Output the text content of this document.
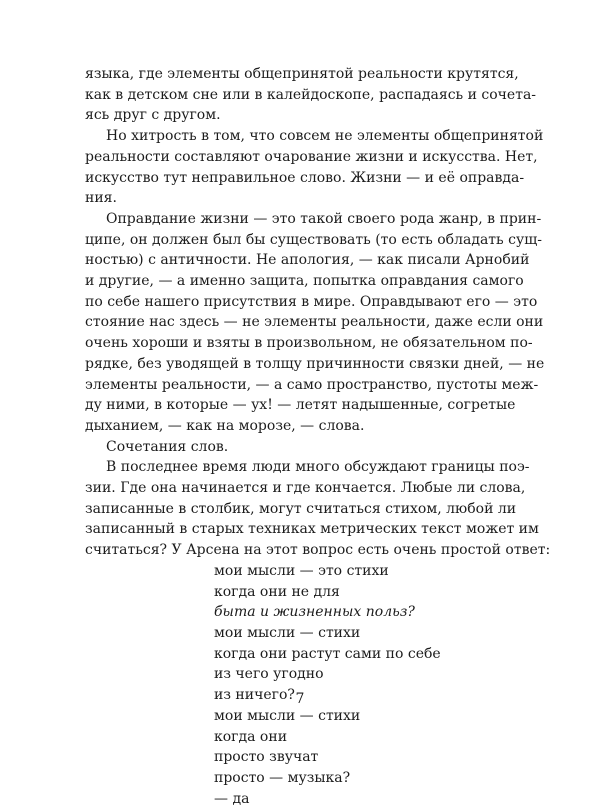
языка, где элементы общепринятой реальности крутятся,
как в детском сне или в калейдоскопе, распадаясь и сочета-
ясь друг с другом.
Но хитрость в том, что совсем не элементы общепринятой
реальности составляют очарование жизни и искусства. Нет,
искусство тут неправильное слово. Жизни — и её оправда-
ния.
Оправдание жизни — это такой своего рода жанр, в прин-
ципе, он должен был бы существовать (то есть обладать сущ-
ностью) с античности. Не апология, — как писали Арнобий
и другие, — а именно защита, попытка оправдания самого
по себе нашего присутствия в мире. Оправдывают его — это
стояние нас здесь — не элементы реальности, даже если они
очень хороши и взяты в произвольном, не обязательном по-
рядке, без уводящей в толщу причинности связки дней, — не
элементы реальности, — а само пространство, пустоты меж-
ду ними, в которые — ух! — летят надышенные, согретые
дыханием, — как на морозе, — слова.
Сочетания слов.
В последнее время люди много обсуждают границы поэ-
зии. Где она начинается и где кончается. Любые ли слова,
записанные в столбик, могут считаться стихом, любой ли
записанный в старых техниках метрических текст может им
считаться? У Арсена на этот вопрос есть очень простой ответ:
мои мысли — это стихи
когда они не для
быта и жизненных польз?
мои мысли — стихи
когда они растут сами по себе
из чего угодно
из ничего?
мои мысли — стихи
когда они
просто звучат
просто — музыка?
— да
7
